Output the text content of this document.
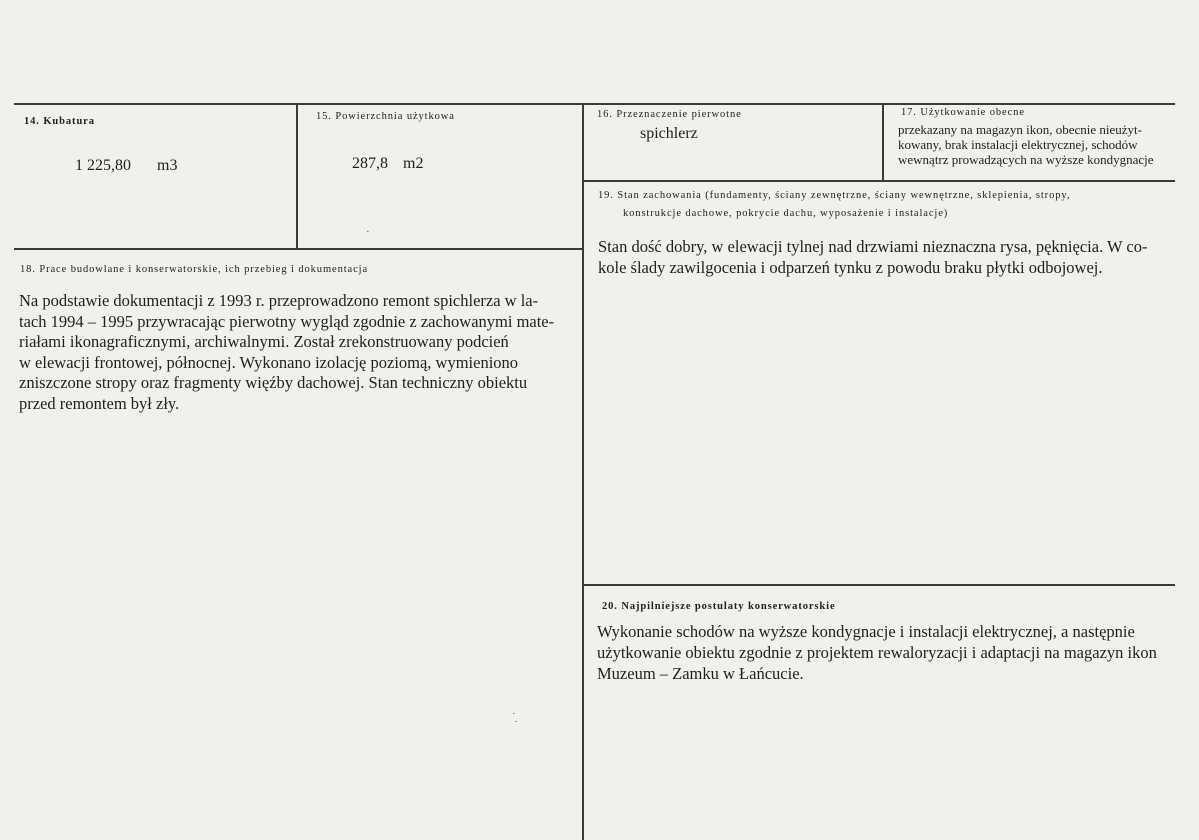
14. Kubatura
1 225,80 m3
15. Powierzchnia użytkowa
287,8 m2
16. Przeznaczenie pierwotne
spichlerz
17. Użytkowanie obecne
przekazany na magazyn ikon, obecnie nieużyt-
kowany, brak instalacji elektrycznej, schodów
wewnątrz prowadzących na wyższe kondygnacje
18. Prace budowlane i konserwatorskie, ich przebieg i dokumentacja
Na podstawie dokumentacji z 1993 r. przeprowadzono remont spichlerza w la-
tach 1994 – 1995 przywracając pierwotny wygląd zgodnie z zachowanymi mate-
riałami ikonagraficznymi, archiwalnymi. Został zrekonstruowany podcień
w elewacji frontowej, północnej. Wykonano izolację poziomą, wymieniono
zniszczone stropy oraz fragmenty więźby dachowej. Stan techniczny obiektu
przed remontem był zły.
19. Stan zachowania (fundamenty, ściany zewnętrzne, ściany wewnętrzne, sklepienia, stropy,
konstrukcje dachowe, pokrycie dachu, wyposażenie i instalacje)
Stan dość dobry, w elewacji tylnej nad drzwiami nieznaczna rysa, pęknięcia. W co-
kole ślady zawilgocenia i odparzeń tynku z powodu braku płytki odbojowej.
20. Najpilniejsze postulaty konserwatorskie
Wykonanie schodów na wyższe kondygnacje i instalacji elektrycznej, a następnie
użytkowanie obiektu zgodnie z projektem rewaloryzacji i adaptacji na magazyn ikon
Muzeum – Zamku w Łańcucie.
·
·
·
